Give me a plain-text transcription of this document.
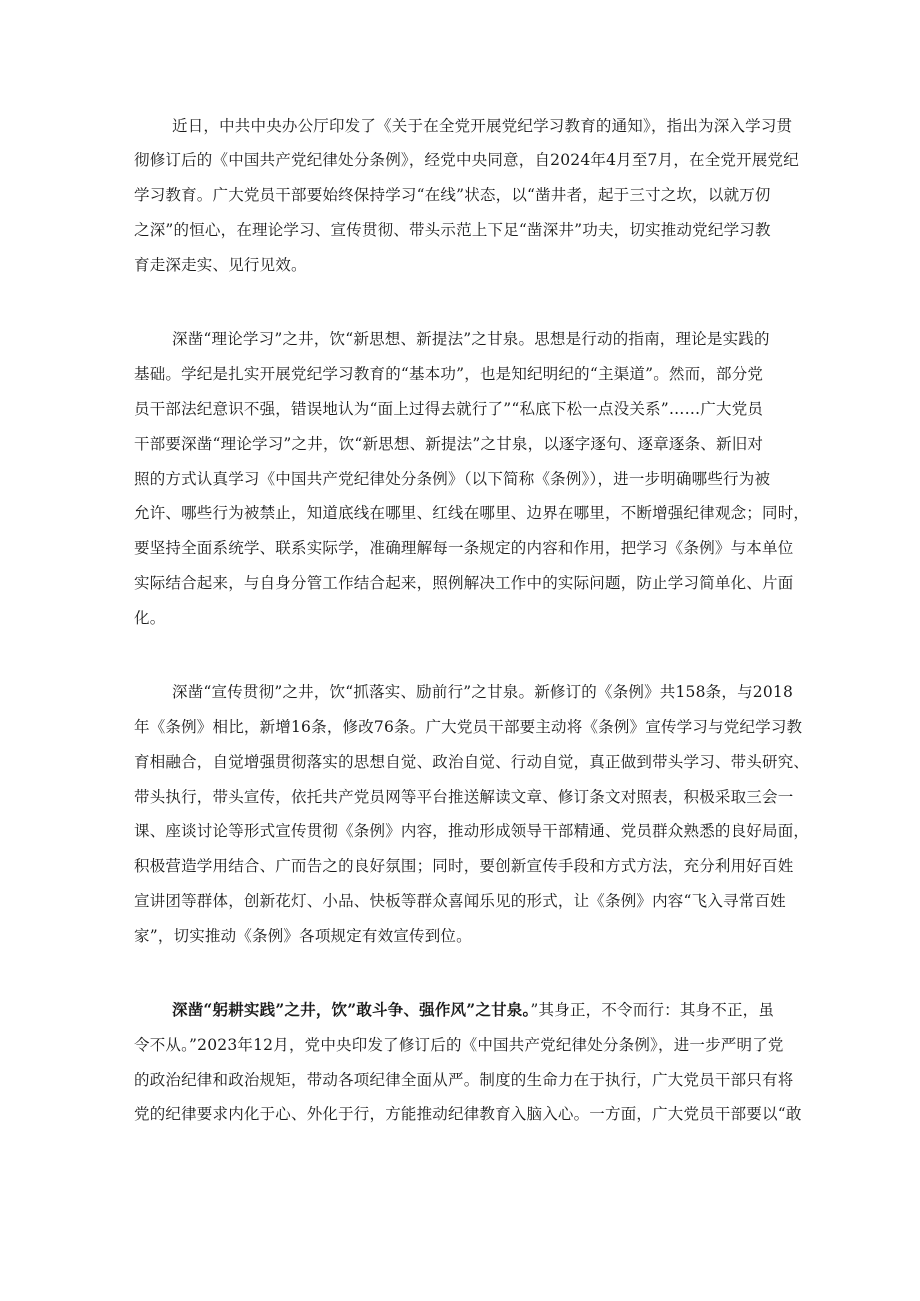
近日，中共中央办公厅印发了《关于在全党开展党纪学习教育的通知》，指出为深入学习贯
彻修订后的《中国共产党纪律处分条例》，经党中央同意，自2024年4月至7月，在全党开展党纪
学习教育。广大党员干部要始终保持学习“在线”状态，以“凿井者，起于三寸之坎，以就万仞
之深”的恒心，在理论学习、宣传贯彻、带头示范上下足“凿深井”功夫，切实推动党纪学习教
育走深走实、见行见效。
深凿“理论学习”之井，饮“新思想、新提法”之甘泉。思想是行动的指南，理论是实践的
基础。学纪是扎实开展党纪学习教育的“基本功”，也是知纪明纪的“主渠道”。然而，部分党
员干部法纪意识不强，错误地认为“面上过得去就行了”“私底下松一点没关系”……广大党员
干部要深凿“理论学习”之井，饮“新思想、新提法”之甘泉，以逐字逐句、逐章逐条、新旧对
照的方式认真学习《中国共产党纪律处分条例》（以下简称《条例》），进一步明确哪些行为被
允许、哪些行为被禁止，知道底线在哪里、红线在哪里、边界在哪里，不断增强纪律观念；同时，
要坚持全面系统学、联系实际学，准确理解每一条规定的内容和作用，把学习《条例》与本单位
实际结合起来，与自身分管工作结合起来，照例解决工作中的实际问题，防止学习简单化、片面
化。
深凿“宣传贯彻”之井，饮“抓落实、励前行”之甘泉。新修订的《条例》共158条，与2018
年《条例》相比，新增16条，修改76条。广大党员干部要主动将《条例》宣传学习与党纪学习教
育相融合，自觉增强贯彻落实的思想自觉、政治自觉、行动自觉，真正做到带头学习、带头研究、
带头执行，带头宣传，依托共产党员网等平台推送解读文章、修订条文对照表，积极采取三会一
课、座谈讨论等形式宣传贯彻《条例》内容，推动形成领导干部精通、党员群众熟悉的良好局面，
积极营造学用结合、广而告之的良好氛围；同时，要创新宣传手段和方式方法，充分利用好百姓
宣讲团等群体，创新花灯、小品、快板等群众喜闻乐见的形式，让《条例》内容“飞入寻常百姓
家”，切实推动《条例》各项规定有效宣传到位。
深凿“躬耕实践”之井，饮”敢斗争、强作风”之甘泉。”其身正，不令而行：其身不正，虽
令不从。”2023年12月，党中央印发了修订后的《中国共产党纪律处分条例》，进一步严明了党
的政治纪律和政治规矩，带动各项纪律全面从严。制度的生命力在于执行，广大党员干部只有将
党的纪律要求内化于心、外化于行，方能推动纪律教育入脑入心。一方面，广大党员干部要以“敢
